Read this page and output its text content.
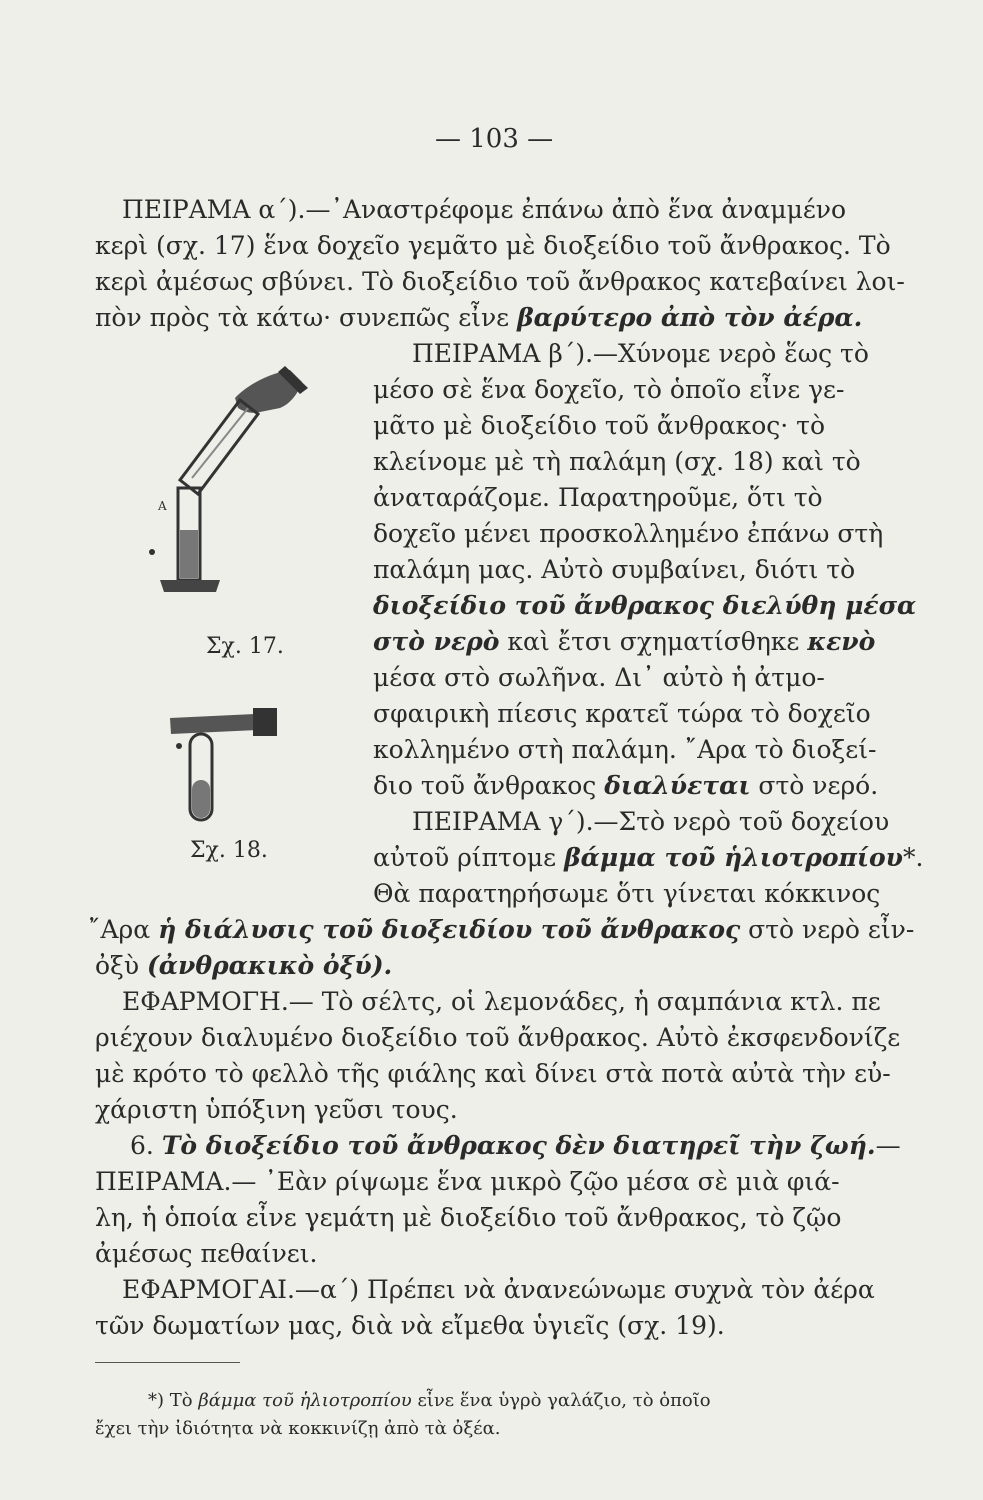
— 103 —
ΠΕΙΡΑΜΑ α΄).—᾿Αναστρέφομε ἐπάνω ἀπὸ ἕνα ἀναμμένο
κερὶ (σχ. 17) ἕνα δοχεῖο γεμᾶτο μὲ διοξείδιο τοῦ ἄνθρακος. Τὸ
κερὶ ἀμέσως σβύνει. Τὸ διοξείδιο τοῦ ἄνθρακος κατεβαίνει λοι-
πὸν πρὸς τὰ κάτω· συνεπῶς εἶνε βαρύτερο ἀπὸ τὸν ἀέρα.
ΠΕΙΡΑΜΑ β΄).—Χύνομε νερὸ ἕως τὸ
μέσο σὲ ἕνα δοχεῖο, τὸ ὁποῖο εἶνε γε-
μᾶτο μὲ διοξείδιο τοῦ ἄνθρακος· τὸ
κλείνομε μὲ τὴ παλάμη (σχ. 18) καὶ τὸ
ἀναταράζομε. Παρατηροῦμε, ὅτι τὸ
δοχεῖο μένει προσκολλημένο ἐπάνω στὴ
παλάμη μας. Αὐτὸ συμβαίνει, διότι τὸ
διοξείδιο τοῦ ἄνθρακος διελύθη μέσα
στὸ νερὸ καὶ ἔτσι σχηματίσθηκε κενὸ
μέσα στὸ σωλῆνα. Δι᾿ αὐτὸ ἡ ἀτμο-
σφαιρικὴ πίεσις κρατεῖ τώρα τὸ δοχεῖο
κολλημένο στὴ παλάμη. ῎Αρα τὸ διοξεί-
διο τοῦ ἄνθρακος διαλύεται στὸ νερό.
ΠΕΙΡΑΜΑ γ΄).—Στὸ νερὸ τοῦ δοχείου
αὐτοῦ ρίπτομε βάμμα τοῦ ἡλιοτροπίου*.
Θὰ παρατηρήσωμε ὅτι γίνεται κόκκινος
῎Αρα ἡ διάλυσις τοῦ διοξειδίου τοῦ ἄνθρακος στὸ νερὸ εἶν-
ὀξὺ (ἀνθρακικὸ ὀξύ).
ΕΦΑΡΜΟΓΗ.— Τὸ σέλτς, οἱ λεμονάδες, ἡ σαμπάνια κτλ. πε
ριέχουν διαλυμένο διοξείδιο τοῦ ἄνθρακος. Αὐτὸ ἐκσφενδονίζε
μὲ κρότο τὸ φελλὸ τῆς φιάλης καὶ δίνει στὰ ποτὰ αὐτὰ τὴν εὐ-
χάριστη ὑπόξινη γεῦσι τους.
6. Τὸ διοξείδιο τοῦ ἄνθρακος δὲν διατηρεῖ τὴν ζωή.—
ΠΕΙΡΑΜΑ.— ᾿Εὰν ρίψωμε ἕνα μικρὸ ζῷο μέσα σὲ μιὰ φιά-
λη, ἡ ὁποία εἶνε γεμάτη μὲ διοξείδιο τοῦ ἄνθρακος, τὸ ζῷο
ἀμέσως πεθαίνει.
ΕΦΑΡΜΟΓΑΙ.—α΄) Πρέπει νὰ ἀνανεώνωμε συχνὰ τὸν ἀέρα
τῶν δωματίων μας, διὰ νὰ εἴμεθα ὑγιεῖς (σχ. 19).
A
Σχ. 17.
Σχ. 18.
*) Τὸ βάμμα τοῦ ἡλιοτροπίου εἶνε ἕνα ὑγρὸ γαλάζιο, τὸ ὁποῖο
ἔχει τὴν ἰδιότητα νὰ κοκκινίζῃ ἀπὸ τὰ ὀξέα.
